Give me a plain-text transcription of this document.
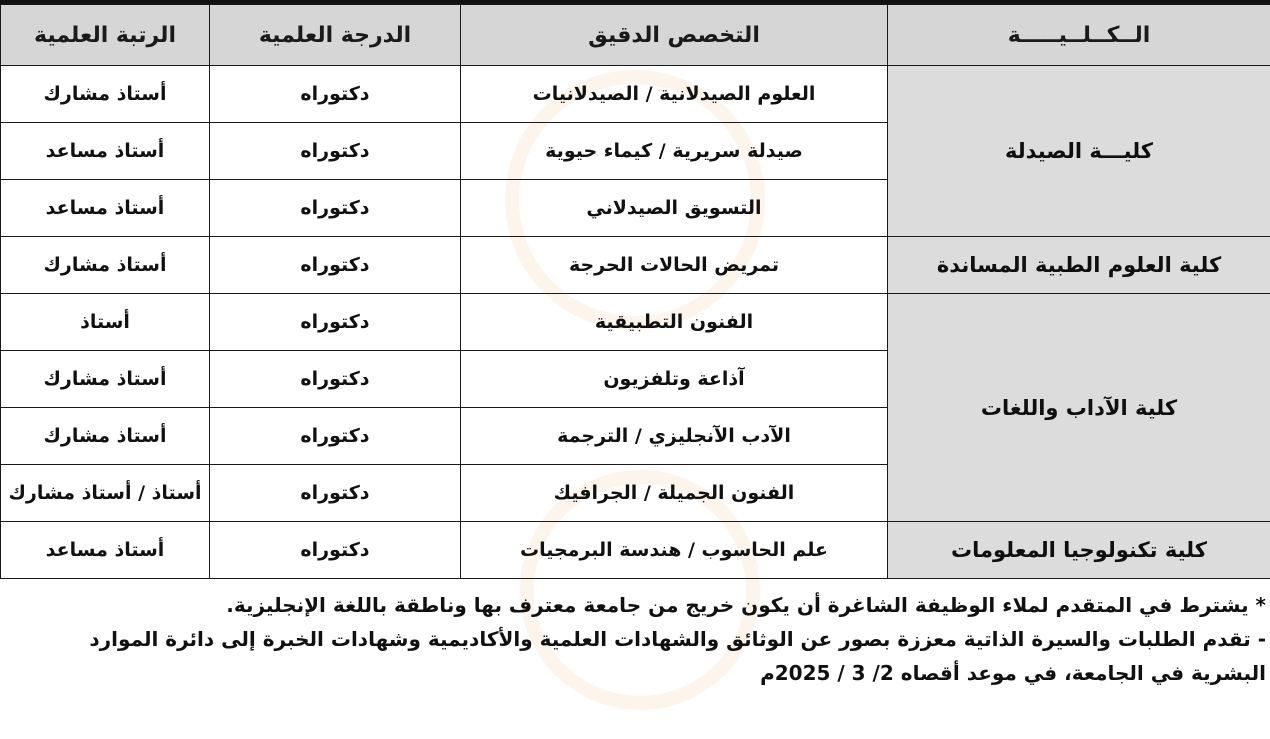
الــكــلــيـــــة	التخصص الدقيق	الدرجة العلمية	الرتبة العلمية
كليـــة الصيدلة	العلوم الصيدلانية / الصيدلانيات	دكتوراه	أستاذ مشارك
	صيدلة سريرية / كيماء حيوية	دكتوراه	أستاذ مساعد
	التسويق الصيدلاني	دكتوراه	أستاذ مساعد
كلية العلوم الطبية المساندة	تمريض الحالات الحرجة	دكتوراه	أستاذ مشارك
كلية الآداب واللغات	الفنون التطبيقية	دكتوراه	أستاذ
	آذاعة وتلفزيون	دكتوراه	أستاذ مشارك
	الآدب الآنجليزي / الترجمة	دكتوراه	أستاذ مشارك
	الفنون الجميلة / الجرافيك	دكتوراه	أستاذ / أستاذ مشارك
كلية تكنولوجيا المعلومات	علم الحاسوب / هندسة البرمجيات	دكتوراه	أستاذ مساعد

* يشترط في المتقدم لملاء الوظيفة الشاغرة أن يكون خريج من جامعة معترف بها وناطقة باللغة الإنجليزية.

- تقدم الطلبات والسيرة الذاتية معززة بصور عن الوثائق والشهادات العلمية والأكاديمية وشهادات الخبرة إلى دائرة الموارد البشرية في الجامعة، في موعد أقصاه 2/ 3 / 2025م
